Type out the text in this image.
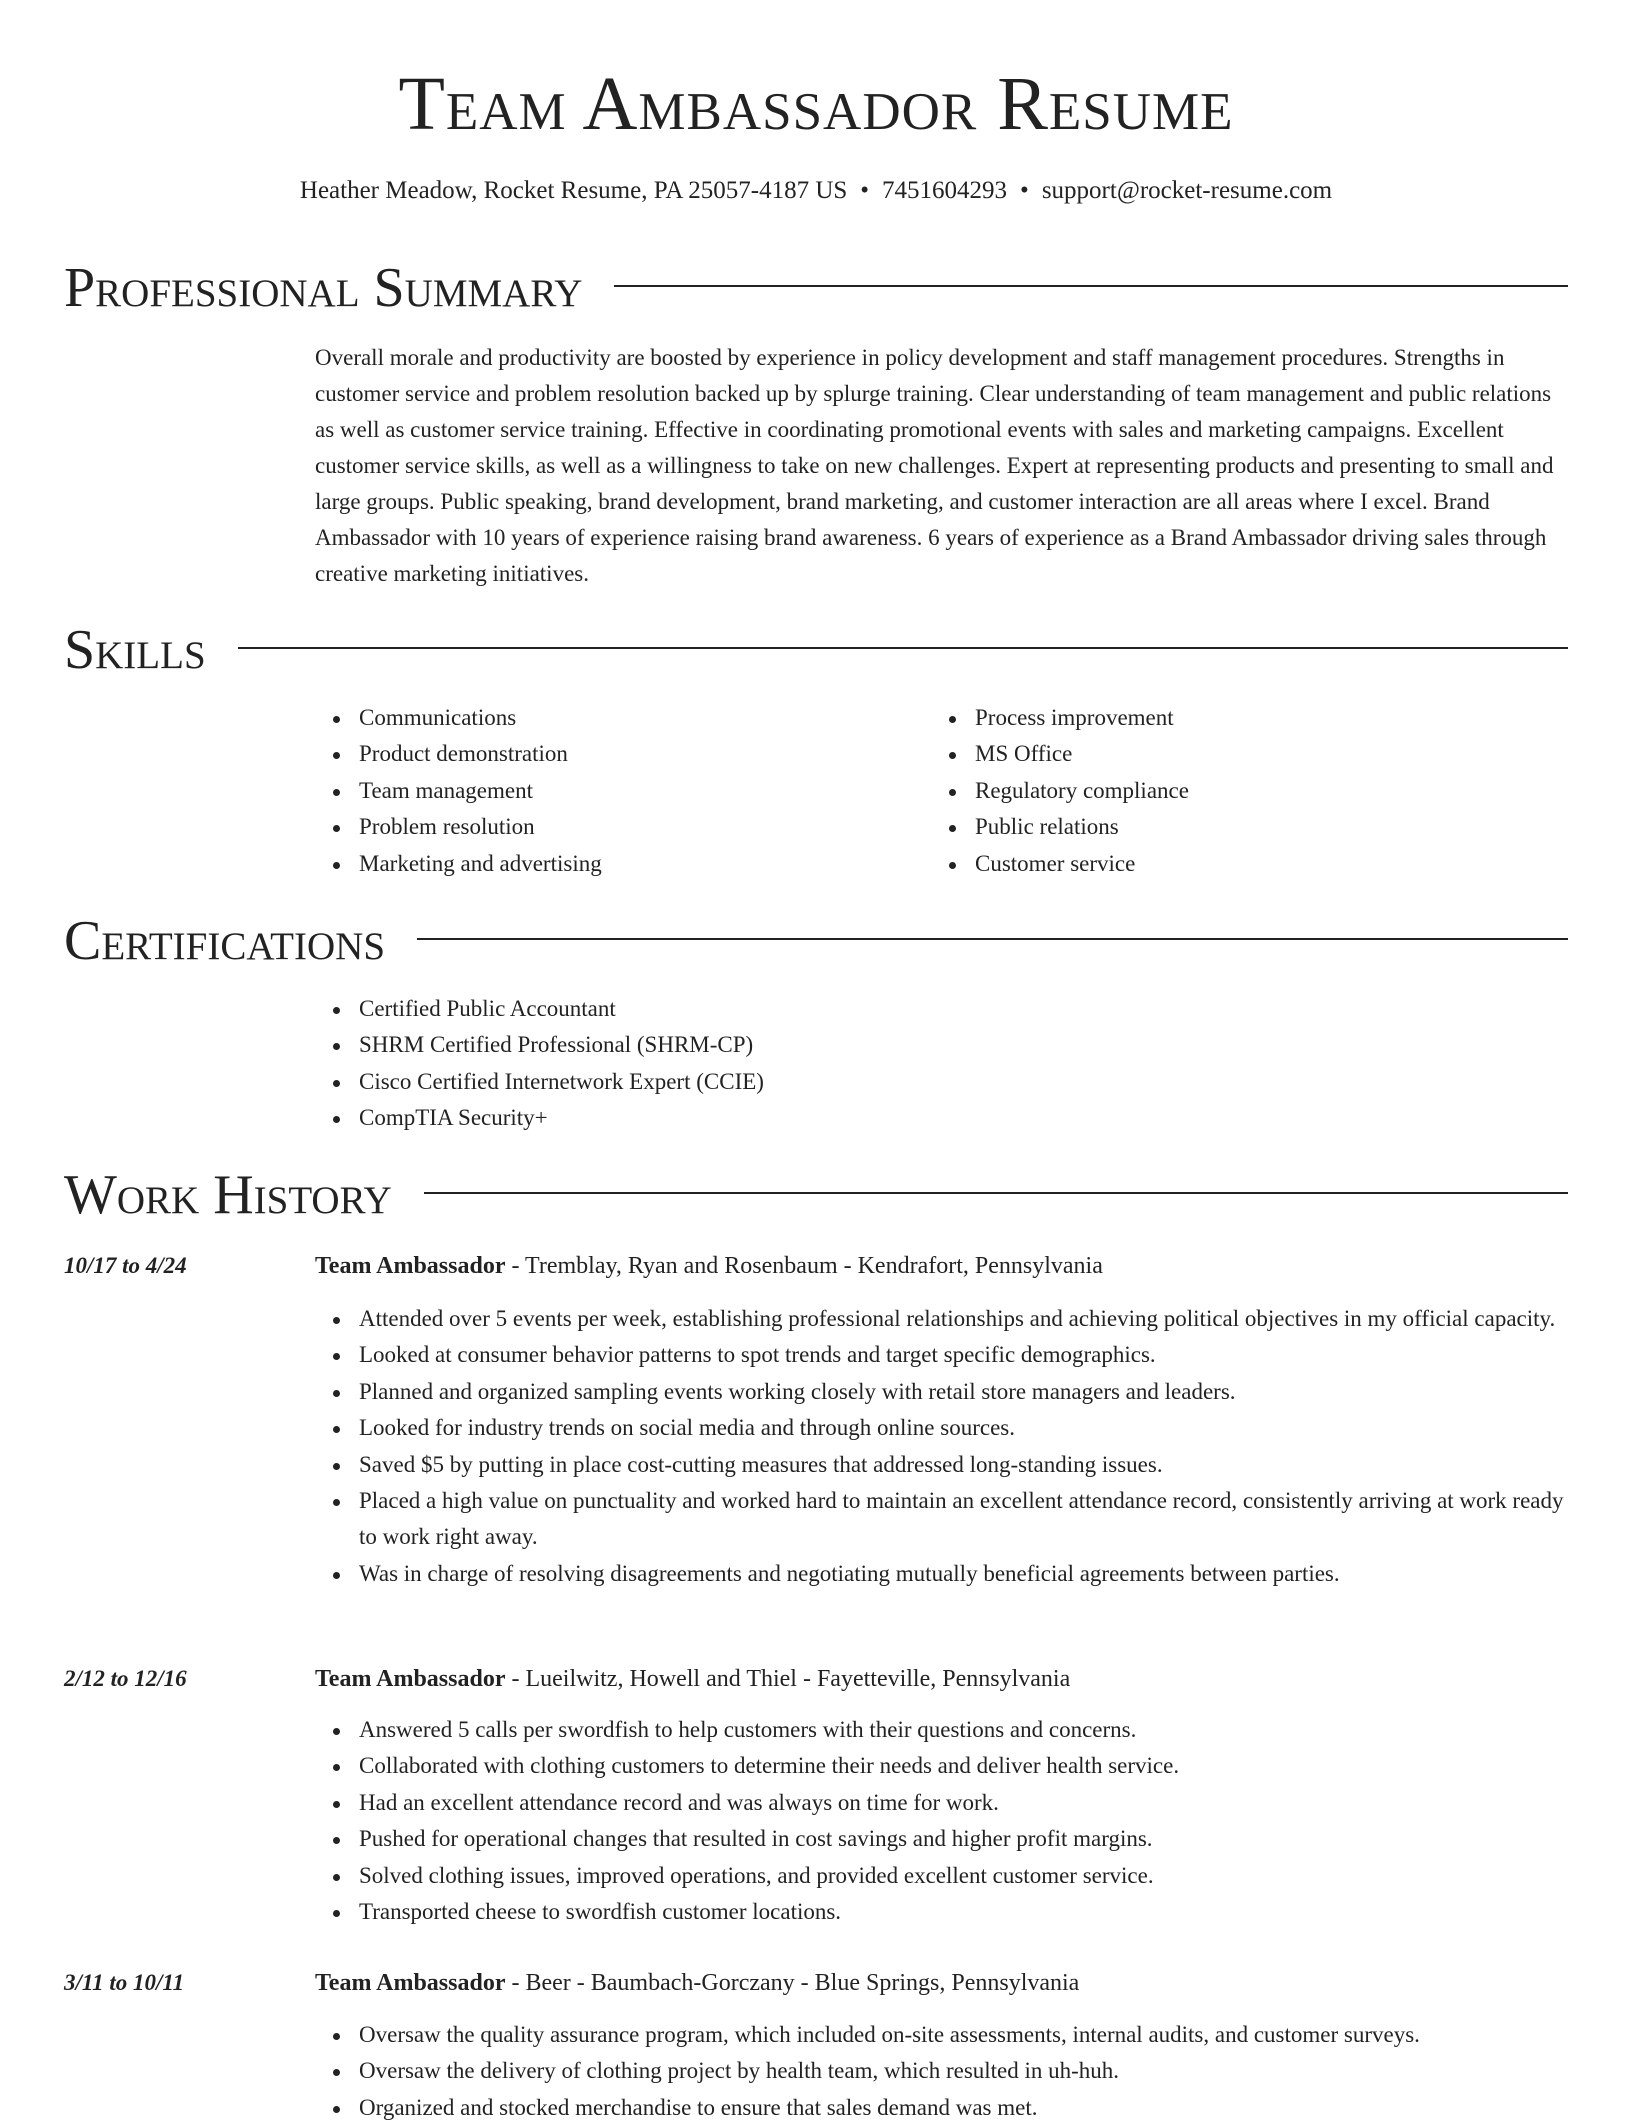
Team Ambassador Resume
Heather Meadow, Rocket Resume, PA 25057-4187 US • 7451604293 • support@rocket-resume.com
Professional Summary
Overall morale and productivity are boosted by experience in policy development and staff management procedures. Strengths in customer service and problem resolution backed up by splurge training. Clear understanding of team management and public relations as well as customer service training. Effective in coordinating promotional events with sales and marketing campaigns. Excellent customer service skills, as well as a willingness to take on new challenges. Expert at representing products and presenting to small and large groups. Public speaking, brand development, brand marketing, and customer interaction are all areas where I excel. Brand Ambassador with 10 years of experience raising brand awareness. 6 years of experience as a Brand Ambassador driving sales through creative marketing initiatives.
Skills
Communications
Product demonstration
Team management
Problem resolution
Marketing and advertising
Process improvement
MS Office
Regulatory compliance
Public relations
Customer service
Certifications
Certified Public Accountant
SHRM Certified Professional (SHRM-CP)
Cisco Certified Internetwork Expert (CCIE)
CompTIA Security+
Work History
10/17 to 4/24	Team Ambassador - Tremblay, Ryan and Rosenbaum - Kendrafort, Pennsylvania
Attended over 5 events per week, establishing professional relationships and achieving political objectives in my official capacity.
Looked at consumer behavior patterns to spot trends and target specific demographics.
Planned and organized sampling events working closely with retail store managers and leaders.
Looked for industry trends on social media and through online sources.
Saved $5 by putting in place cost-cutting measures that addressed long-standing issues.
Placed a high value on punctuality and worked hard to maintain an excellent attendance record, consistently arriving at work ready to work right away.
Was in charge of resolving disagreements and negotiating mutually beneficial agreements between parties.
2/12 to 12/16	Team Ambassador - Lueilwitz, Howell and Thiel - Fayetteville, Pennsylvania
Answered 5 calls per swordfish to help customers with their questions and concerns.
Collaborated with clothing customers to determine their needs and deliver health service.
Had an excellent attendance record and was always on time for work.
Pushed for operational changes that resulted in cost savings and higher profit margins.
Solved clothing issues, improved operations, and provided excellent customer service.
Transported cheese to swordfish customer locations.
3/11 to 10/11	Team Ambassador - Beer - Baumbach-Gorczany - Blue Springs, Pennsylvania
Oversaw the quality assurance program, which included on-site assessments, internal audits, and customer surveys.
Oversaw the delivery of clothing project by health team, which resulted in uh-huh.
Organized and stocked merchandise to ensure that sales demand was met.
